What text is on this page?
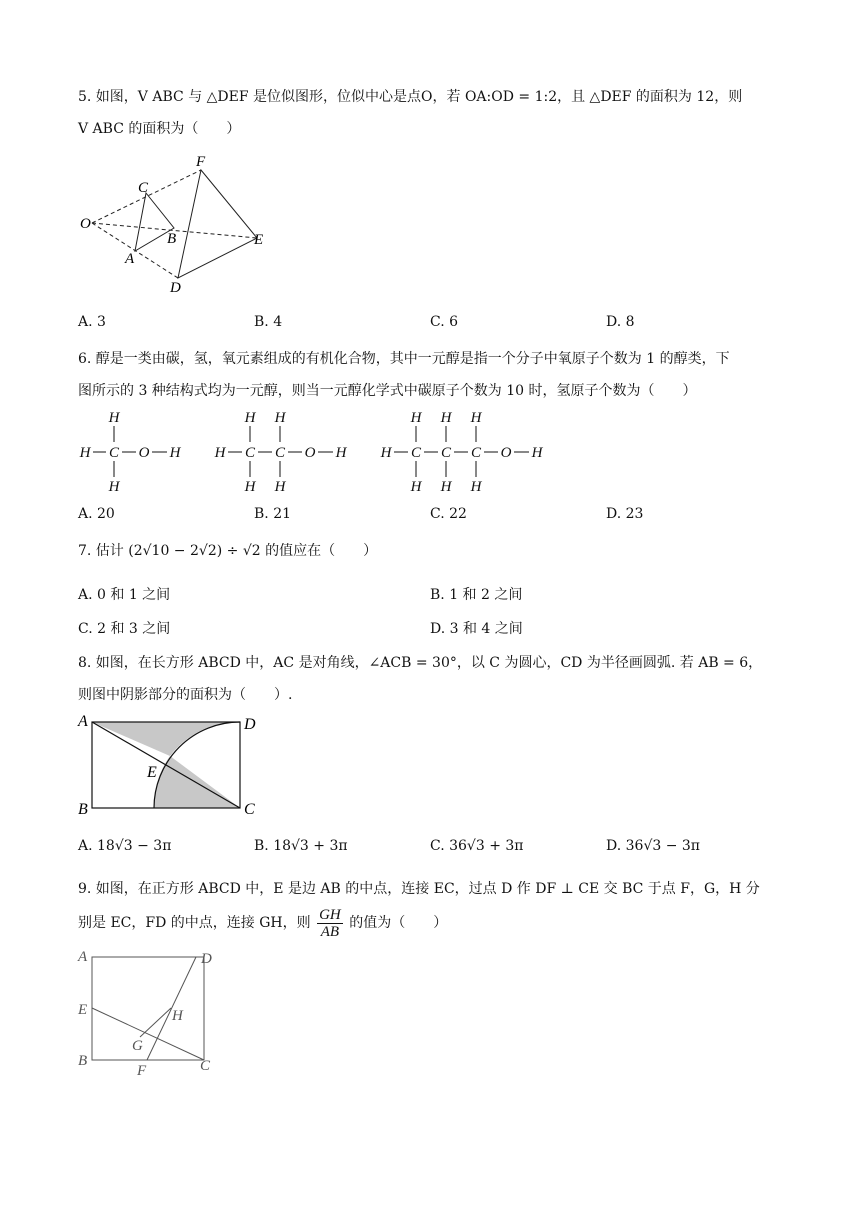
5. 如图，V ABC 与 △DEF 是位似图形，位似中心是点O，若 OA:OD = 1:2，且 △DEF 的面积为 12，则
V ABC 的面积为（　　）
O
C
B
A
F
E
D
A. 3	B. 4	C. 6	D. 8
6. 醇是一类由碳，氢，氧元素组成的有机化合物，其中一元醇是指一个分子中氧原子个数为 1 的醇类，下
图所示的 3 种结构式均为一元醇，则当一元醇化学式中碳原子个数为 10 时，氢原子个数为（　　）
H
H C O H
H
H H
H C C O H
H H
H H H
H C C C O H
H H H
A. 20	B. 21	C. 22	D. 23
7. 估计 (2√10 − 2√2) ÷ √2 的值应在（　　）
A. 0 和 1 之间	B. 1 和 2 之间
C. 2 和 3 之间	D. 3 和 4 之间
8. 如图，在长方形 ABCD 中，AC 是对角线，∠ACB = 30°，以 C 为圆心，CD 为半径画圆弧. 若 AB = 6，
则图中阴影部分的面积为（　　）.
A	D
B	C
E
A. 18√3 − 3π	B. 18√3 + 3π	C. 36√3 + 3π	D. 36√3 − 3π
9. 如图，在正方形 ABCD 中，E 是边 AB 的中点，连接 EC，过点 D 作 DF ⊥ CE 交 BC 于点 F，G，H 分
别是 EC，FD 的中点，连接 GH，则 $\frac{GH}{AB}$ 的值为（　　）
A	D
E	H
G
B	C
F
